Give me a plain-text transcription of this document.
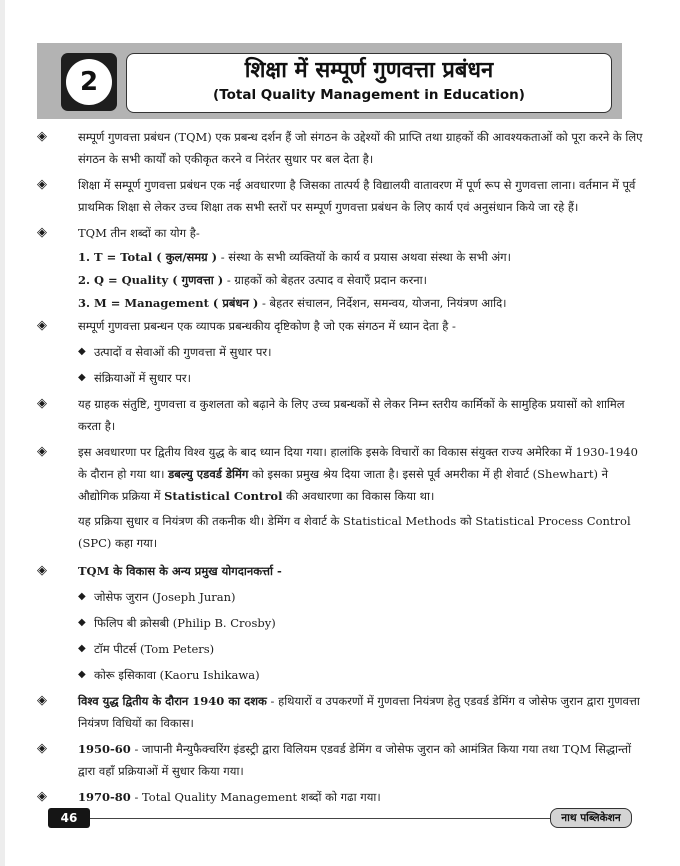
2	शिक्षा में सम्पूर्ण गुणवत्ता प्रबंधन
(Total Quality Management in Education)
◈	सम्पूर्ण गुणवत्ता प्रबंधन (TQM) एक प्रबन्ध दर्शन हैं जो संगठन के उद्देश्यों की प्राप्ति तथा ग्राहकों की आवश्यकताओं को पूरा करने के लिए संगठन के सभी कार्यों को एकीकृत करने व निरंतर सुधार पर बल देता है।
◈	शिक्षा में सम्पूर्ण गुणवत्ता प्रबंधन एक नई अवधारणा है जिसका तात्पर्य है विद्यालयी वातावरण में पूर्ण रूप से गुणवत्ता लाना। वर्तमान में पूर्व प्राथमिक शिक्षा से लेकर उच्च शिक्षा तक सभी स्तरों पर सम्पूर्ण गुणवत्ता प्रबंधन के लिए कार्य एवं अनुसंधान किये जा रहे हैं।
◈	TQM तीन शब्दों का योग है-
1. T = Total ( कुल/समग्र ) - संस्था के सभी व्यक्तियों के कार्य व प्रयास अथवा संस्था के सभी अंग।
2. Q = Quality ( गुणवत्ता ) - ग्राहकों को बेहतर उत्पाद व सेवाएँ प्रदान करना।
3. M = Management ( प्रबंधन ) - बेहतर संचालन, निर्देशन, समन्वय, योजना, नियंत्रण आदि।
◈	सम्पूर्ण गुणवत्ता प्रबन्धन एक व्यापक प्रबन्धकीय दृष्टिकोण है जो एक संगठन में ध्यान देता है -
◆ उत्पादों व सेवाओं की गुणवत्ता में सुधार पर।
◆ संक्रियाओं में सुधार पर।
◈	यह ग्राहक संतुष्टि, गुणवत्ता व कुशलता को बढ़ाने के लिए उच्च प्रबन्धकों से लेकर निम्न स्तरीय कार्मिकों के सामुहिक प्रयासों को शामिल करता है।
◈	इस अवधारणा पर द्वितीय विश्व युद्ध के बाद ध्यान दिया गया। हालांकि इसके विचारों का विकास संयुक्त राज्य अमेरिका में 1930-1940 के दौरान हो गया था। डबल्यु एडवर्ड डेमिंग को इसका प्रमुख श्रेय दिया जाता है। इससे पूर्व अमरीका में ही शेवार्ट (Shewhart) ने औद्योगिक प्रक्रिया में Statistical Control की अवधारणा का विकास किया था।
यह प्रक्रिया सुधार व नियंत्रण की तकनीक थी। डेमिंग व शेवार्ट के Statistical Methods को Statistical Process Control (SPC) कहा गया।
◈	TQM के विकास के अन्य प्रमुख योगदानकर्त्ता -
◆ जोसेफ जुरान (Joseph Juran)
◆ फिलिप बी क्रोसबी (Philip B. Crosby)
◆ टॉम पीटर्स (Tom Peters)
◆ कोरू इसिकावा (Kaoru Ishikawa)
◈	विश्व युद्ध द्वितीय के दौरान 1940 का दशक - हथियारों व उपकरणों में गुणवत्ता नियंत्रण हेतु एडवर्ड डेमिंग व जोसेफ जुरान द्वारा गुणवत्ता नियंत्रण विधियों का विकास।
◈	1950-60 - जापानी मैन्युफैक्चरिंग इंडस्ट्री द्वारा विलियम एडवर्ड डेमिंग व जोसेफ जुरान को आमंत्रित किया गया तथा TQM सिद्धान्तों द्वारा वहाँ प्रक्रियाओं में सुधार किया गया।
◈	1970-80 - Total Quality Management शब्दों को गढा गया।
46	नाथ पब्लिकेशन
